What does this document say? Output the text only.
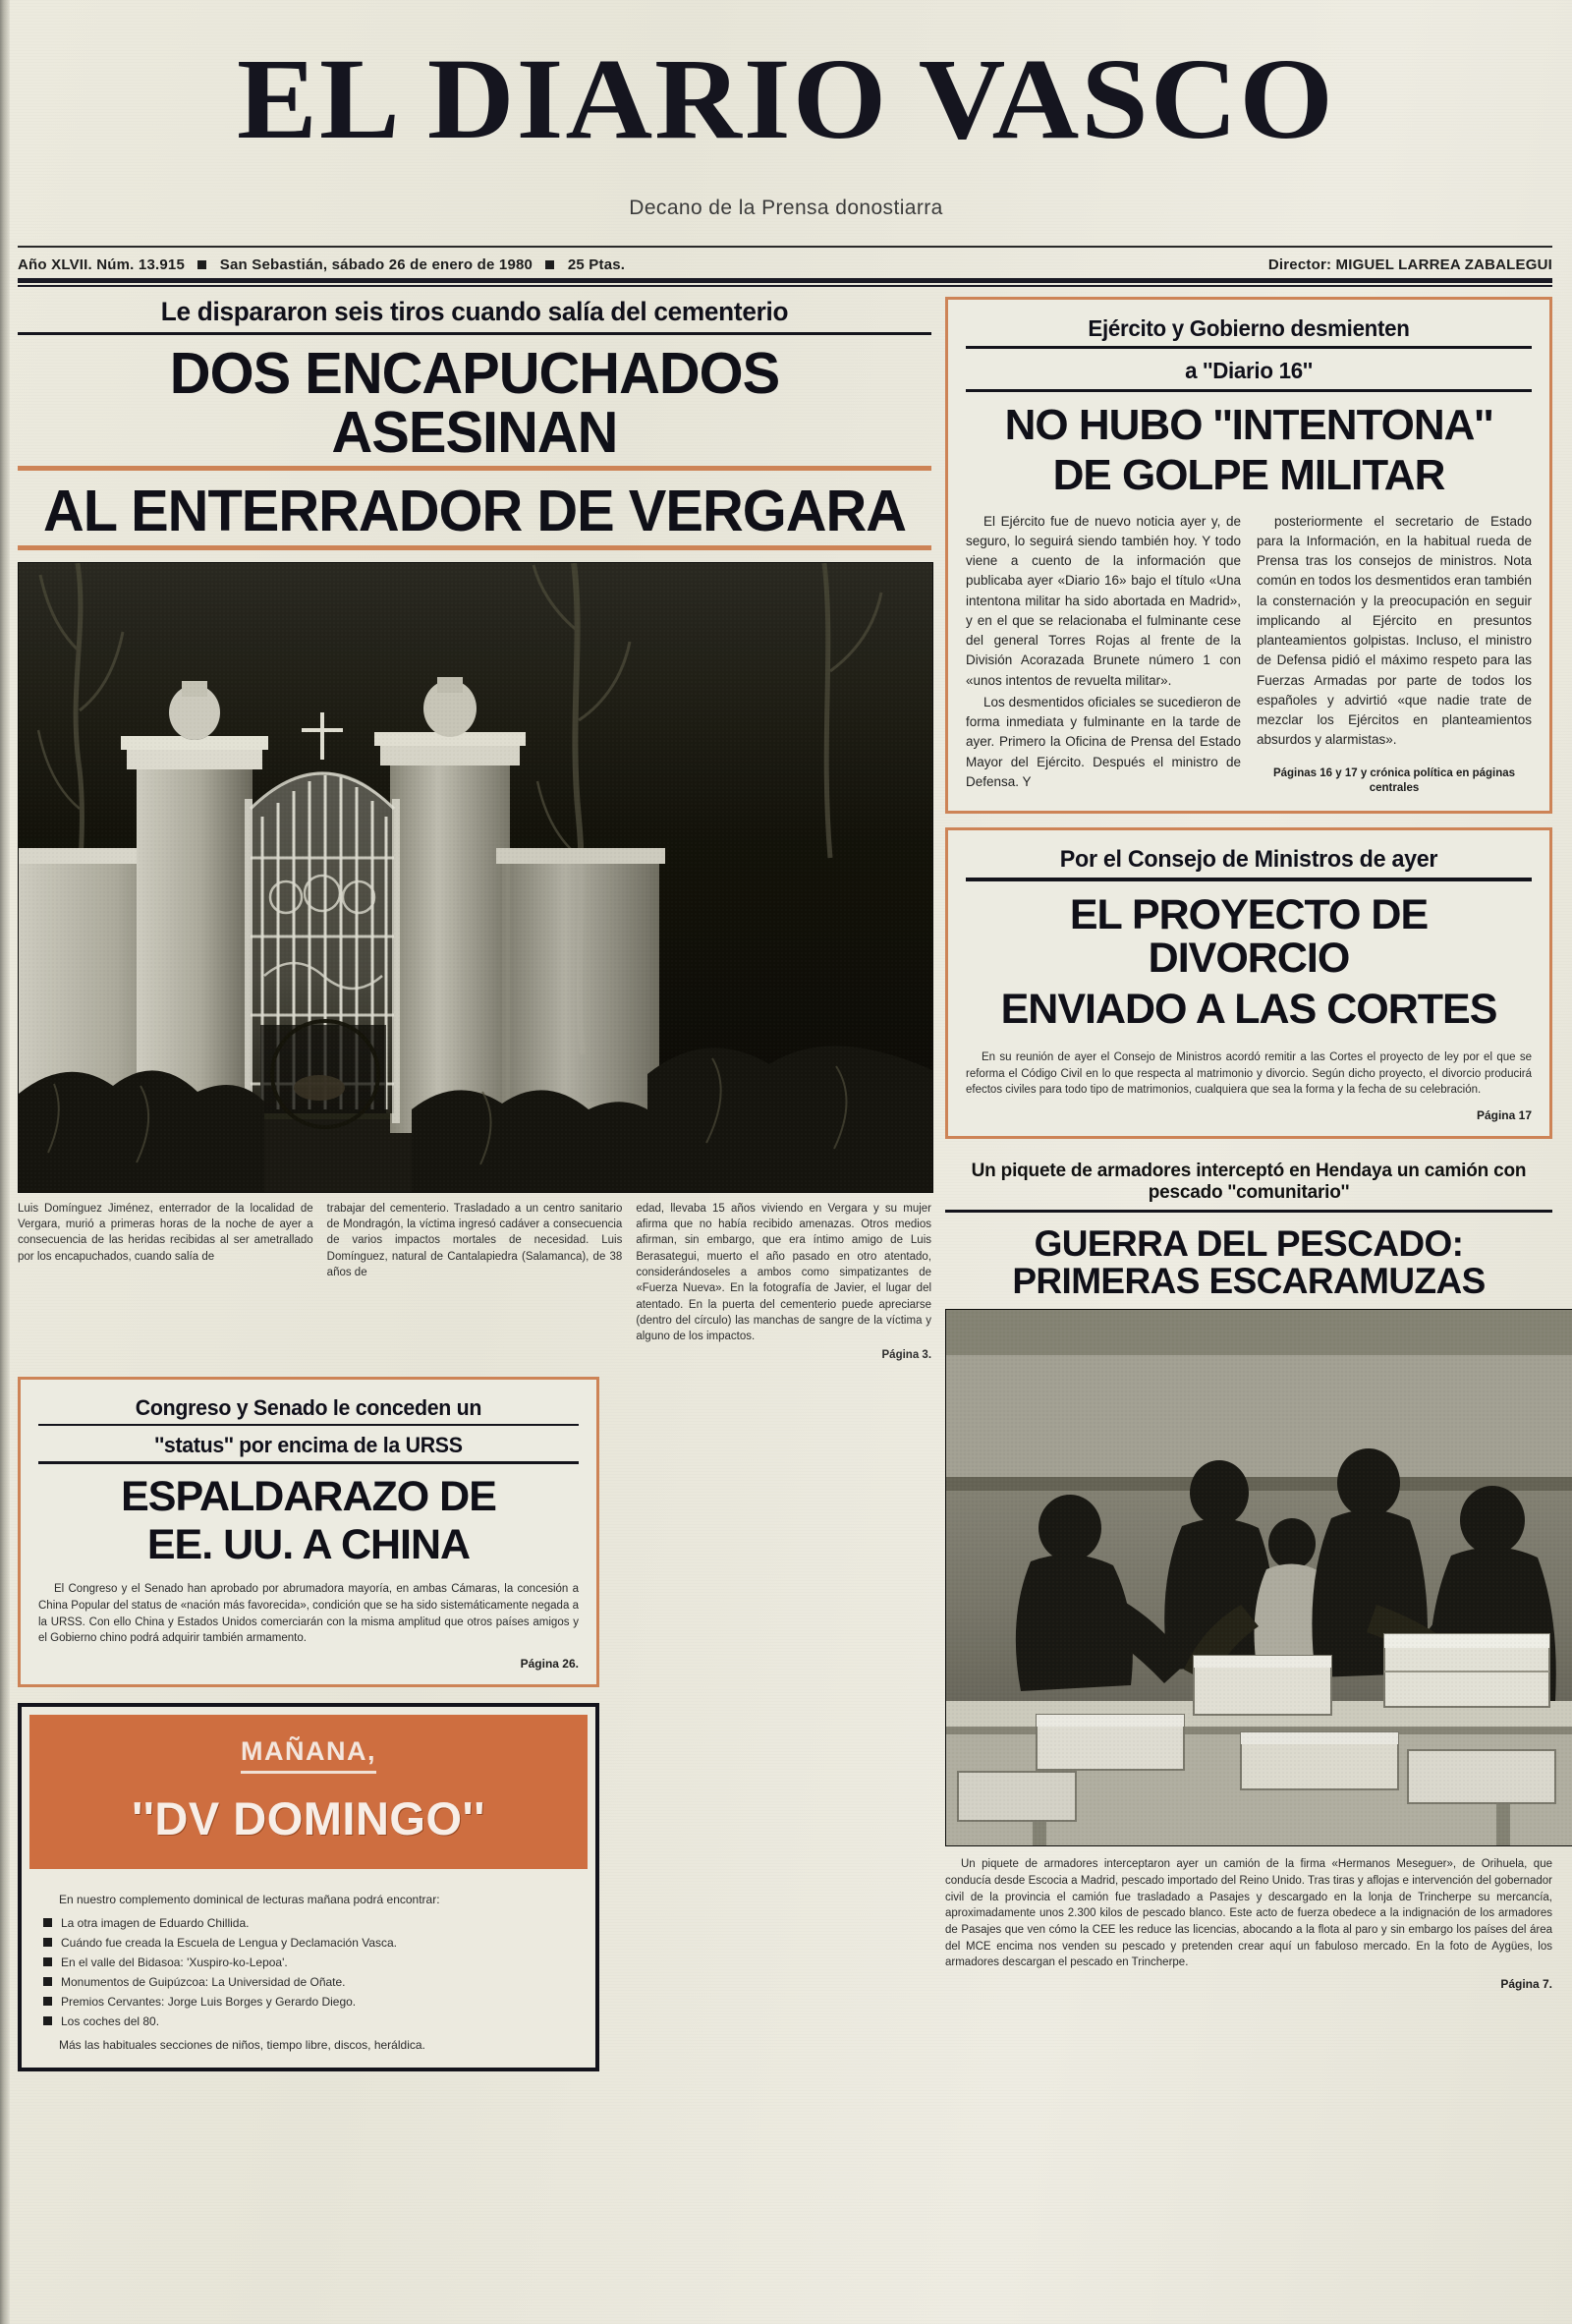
EL DIARIO VASCO
Decano de la Prensa donostiarra
Año XLVII. Núm. 13.915 San Sebastián, sábado 26 de enero de 1980 25 Ptas.	Director: MIGUEL LARREA ZABALEGUI
Le dispararon seis tiros cuando salía del cementerio
DOS ENCAPUCHADOS ASESINAN
AL ENTERRADOR DE VERGARA
Luis Domínguez Jiménez, enterrador de la localidad de Vergara, murió a primeras horas de la noche de ayer a consecuencia de las heridas recibidas al ser ametrallado por los encapuchados, cuando salía de
trabajar del cementerio. Trasladado a un centro sanitario de Mondragón, la víctima ingresó cadáver a consecuencia de varios impactos mortales de necesidad. Luis Domínguez, natural de Cantalapiedra (Salamanca), de 38 años de
edad, llevaba 15 años viviendo en Vergara y su mujer afirma que no había recibido amenazas. Otros medios afirman, sin embargo, que era íntimo amigo de Luis Berasategui, muerto el año pasado en otro atentado, considerándoseles a ambos como simpatizantes de «Fuerza Nueva». En la fotografía de Javier, el lugar del atentado. En la puerta del cementerio puede apreciarse (dentro del círculo) las manchas de sangre de la víctima y alguno de los impactos.
Página 3.
Congreso y Senado le conceden un
''status'' por encima de la URSS
ESPALDARAZO DE
EE. UU. A CHINA

El Congreso y el Senado han aprobado por abrumadora mayoría, en ambas Cámaras, la concesión a China Popular del status de «nación más favorecida», condición que se ha sido sistemáticamente negada a la URSS. Con ello China y Estados Unidos comerciarán con la misma amplitud que otros países amigos y el Gobierno chino podrá adquirir también armamento.

Página 26.
MAÑANA,
''DV DOMINGO''

En nuestro complemento dominical de lecturas mañana podrá encontrar:

La otra imagen de Eduardo Chillida.
Cuándo fue creada la Escuela de Lengua y Declamación Vasca.
En el valle del Bidasoa: 'Xuspiro-ko-Lepoa'.
Monumentos de Guipúzcoa: La Universidad de Oñate.
Premios Cervantes: Jorge Luis Borges y Gerardo Diego.
Los coches del 80.

Más las habituales secciones de niños, tiempo libre, discos, heráldica.

Ejército y Gobierno desmienten
a ''Diario 16''
NO HUBO ''INTENTONA''
DE GOLPE MILITAR

El Ejército fue de nuevo noticia ayer y, de seguro, lo seguirá siendo también hoy. Y todo viene a cuento de la información que publicaba ayer «Diario 16» bajo el título «Una intentona militar ha sido abortada en Madrid», y en el que se relacionaba el fulminante cese del general Torres Rojas al frente de la División Acorazada Brunete número 1 con «unos intentos de revuelta militar».

Los desmentidos oficiales se sucedieron de forma inmediata y fulminante en la tarde de ayer. Primero la Oficina de Prensa del Estado Mayor del Ejército. Después el ministro de Defensa. Y

posteriormente el secretario de Estado para la Información, en la habitual rueda de Prensa tras los consejos de ministros. Nota común en todos los desmentidos eran también la consternación y la preocupación en seguir implicando al Ejército en presuntos planteamientos golpistas. Incluso, el ministro de Defensa pidió el máximo respeto para las Fuerzas Armadas por parte de todos los españoles y advirtió «que nadie trate de mezclar los Ejércitos en planteamientos absurdos y alarmistas».

Páginas 16 y 17 y crónica política en páginas centrales
Por el Consejo de Ministros de ayer
EL PROYECTO DE DIVORCIO
ENVIADO A LAS CORTES

En su reunión de ayer el Consejo de Ministros acordó remitir a las Cortes el proyecto de ley por el que se reforma el Código Civil en lo que respecta al matrimonio y divorcio. Según dicho proyecto, el divorcio producirá efectos civiles para todo tipo de matrimonios, cualquiera que sea la forma y la fecha de su celebración.

Página 17
Un piquete de armadores interceptó en Hendaya un camión con pescado ''comunitario''
GUERRA DEL PESCADO: PRIMERAS ESCARAMUZAS

Un piquete de armadores interceptaron ayer un camión de la firma «Hermanos Meseguer», de Orihuela, que conducía desde Escocia a Madrid, pescado importado del Reino Unido. Tras tiras y aflojas e intervención del gobernador civil de la provincia el camión fue trasladado a Pasajes y descargado en la lonja de Trincherpe su mercancía, aproximadamente unos 2.300 kilos de pescado blanco. Este acto de fuerza obedece a la indignación de los armadores de Pasajes que ven cómo la CEE les reduce las licencias, abocando a la flota al paro y sin embargo los países del área del MCE encima nos venden su pescado y pretenden crear aquí un fabuloso mercado. En la foto de Aygües, los armadores descargan el pescado en Trincherpe.

Página 7.
